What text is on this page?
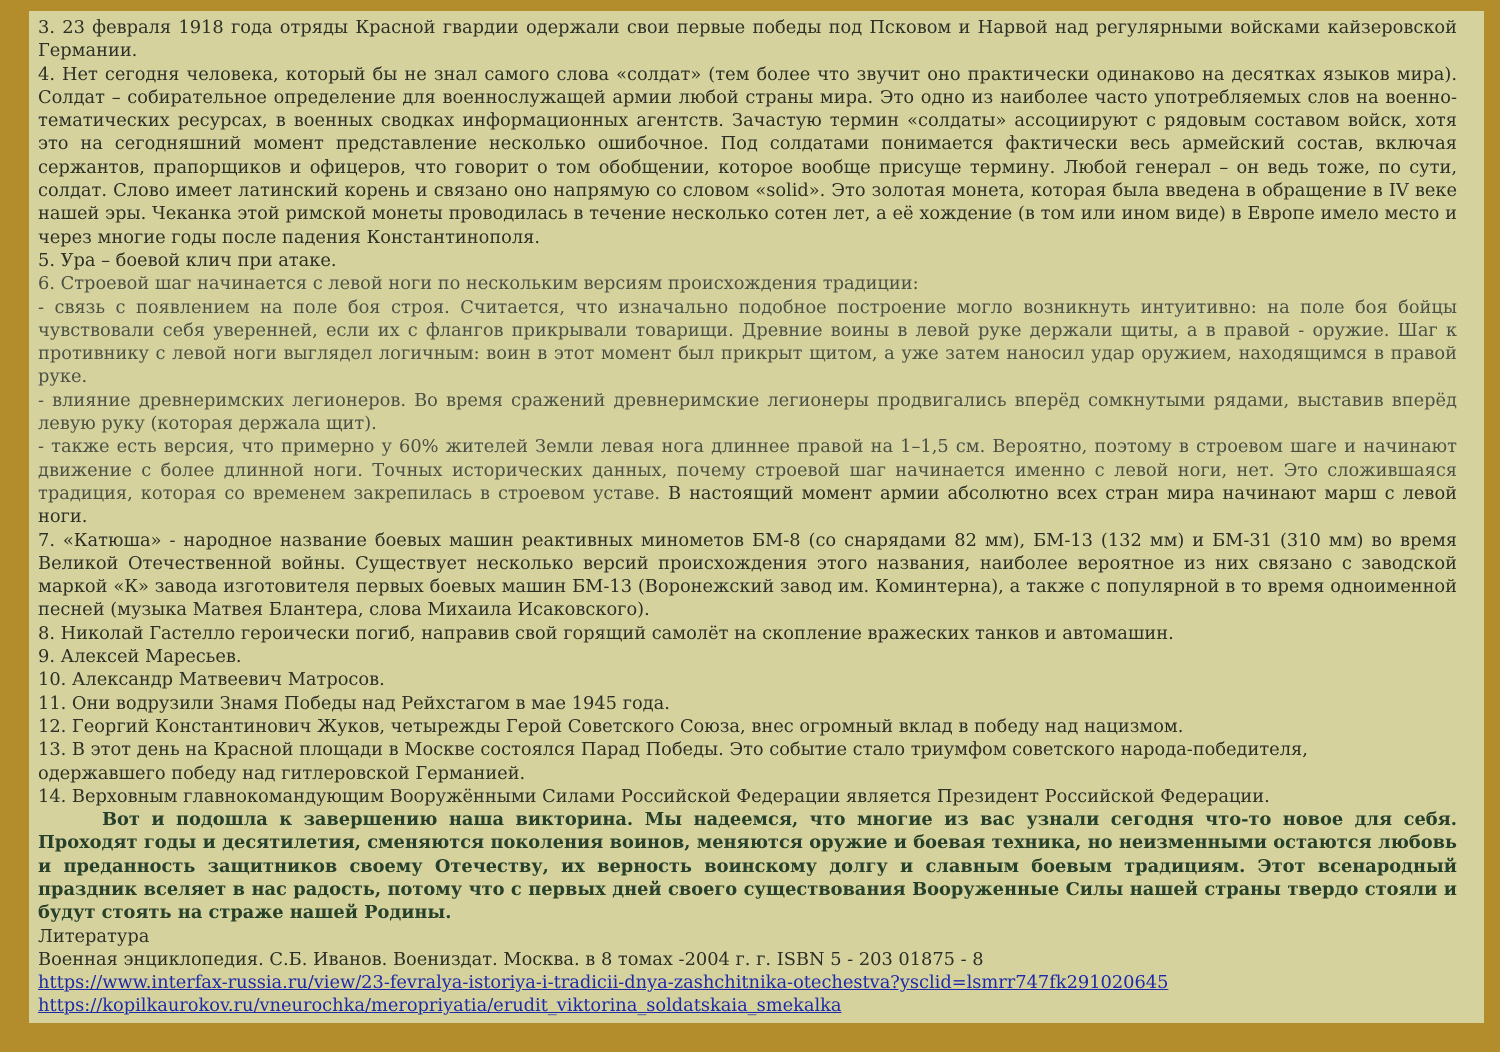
3. 23 февраля 1918 года отряды Красной гвардии одержали свои первые победы под Псковом и Нарвой над регулярными войсками кайзеровской Германии.

4. Нет сегодня человека, который бы не знал самого слова «солдат» (тем более что звучит оно практически одинаково на десятках языков мира). Солдат – собирательное определение для военнослужащей армии любой страны мира. Это одно из наиболее часто употребляемых слов на военно-тематических ресурсах, в военных сводках информационных агентств. Зачастую термин «солдаты» ассоциируют с рядовым составом войск, хотя это на сегодняшний момент представление несколько ошибочное. Под солдатами понимается фактически весь армейский состав, включая сержантов, прапорщиков и офицеров, что говорит о том обобщении, которое вообще присуще термину. Любой генерал – он ведь тоже, по сути, солдат. Слово имеет латинский корень и связано оно напрямую со словом «solid». Это золотая монета, которая была введена в обращение в IV веке нашей эры. Чеканка этой римской монеты проводилась в течение несколько сотен лет, а её хождение (в том или ином виде) в Европе имело место и через многие годы после падения Константинополя.

5. Ура – боевой клич при атаке.

6. Строевой шаг начинается с левой ноги по нескольким версиям происхождения традиции:

- связь с появлением на поле боя строя. Считается, что изначально подобное построение могло возникнуть интуитивно: на поле боя бойцы чувствовали себя уверенней, если их с флангов прикрывали товарищи. Древние воины в левой руке держали щиты, а в правой - оружие. Шаг к противнику с левой ноги выглядел логичным: воин в этот момент был прикрыт щитом, а уже затем наносил удар оружием, находящимся в правой руке.

- влияние древнеримских легионеров. Во время сражений древнеримские легионеры продвигались вперёд сомкнутыми рядами, выставив вперёд левую руку (которая держала щит).

- также есть версия, что примерно у 60% жителей Земли левая нога длиннее правой на 1–1,5 см. Вероятно, поэтому в строевом шаге и начинают движение с более длинной ноги. Точных исторических данных, почему строевой шаг начинается именно с левой ноги, нет. Это сложившаяся традиция, которая со временем закрепилась в строевом уставе. В настоящий момент армии абсолютно всех стран мира начинают марш с левой ноги.

7. «Катюша» - народное название боевых машин реактивных минометов БМ-8 (со снарядами 82 мм), БМ-13 (132 мм) и БМ-31 (310 мм) во время Великой Отечественной войны. Существует несколько версий происхождения этого названия, наиболее вероятное из них связано с заводской маркой «К» завода изготовителя первых боевых машин БМ-13 (Воронежский завод им. Коминтерна), а также с популярной в то время одноименной песней (музыка Матвея Блантера, слова Михаила Исаковского).

8. Николай Гастелло героически погиб, направив свой горящий самолёт на скопление вражеских танков и автомашин.

9. Алексей Маресьев.

10. Александр Матвеевич Матросов.

11. Они водрузили Знамя Победы над Рейхстагом в мае 1945 года.

12. Георгий Константинович Жуков, четырежды Герой Советского Союза, внес огромный вклад в победу над нацизмом.

13. В этот день на Красной площади в Москве состоялся Парад Победы. Это событие стало триумфом советского народа-победителя,
одержавшего победу над гитлеровской Германией.

14. Верховным главнокомандующим Вооружёнными Силами Российской Федерации является Президент Российской Федерации.

Вот и подошла к завершению наша викторина. Мы надеемся, что многие из вас узнали сегодня что-то новое для себя. Проходят годы и десятилетия, сменяются поколения воинов, меняются оружие и боевая техника, но неизменными остаются любовь и преданность защитников своему Отечеству, их верность воинскому долгу и славным боевым традициям. Этот всенародный праздник вселяет в нас радость, потому что с первых дней своего существования Вооруженные Силы нашей страны твердо стояли и будут стоять на страже нашей Родины.

Литература

Военная энциклопедия. С.Б. Иванов. Воениздат. Москва. в 8 томах -2004 г. г. ISBN 5 - 203 01875 - 8

https://www.interfax-russia.ru/view/23-fevralya-istoriya-i-tradicii-dnya-zashchitnika-otechestva?ysclid=lsmrr747fk291020645

https://kopilkaurokov.ru/vneurochka/meropriyatia/erudit_viktorina_soldatskaia_smekalka
